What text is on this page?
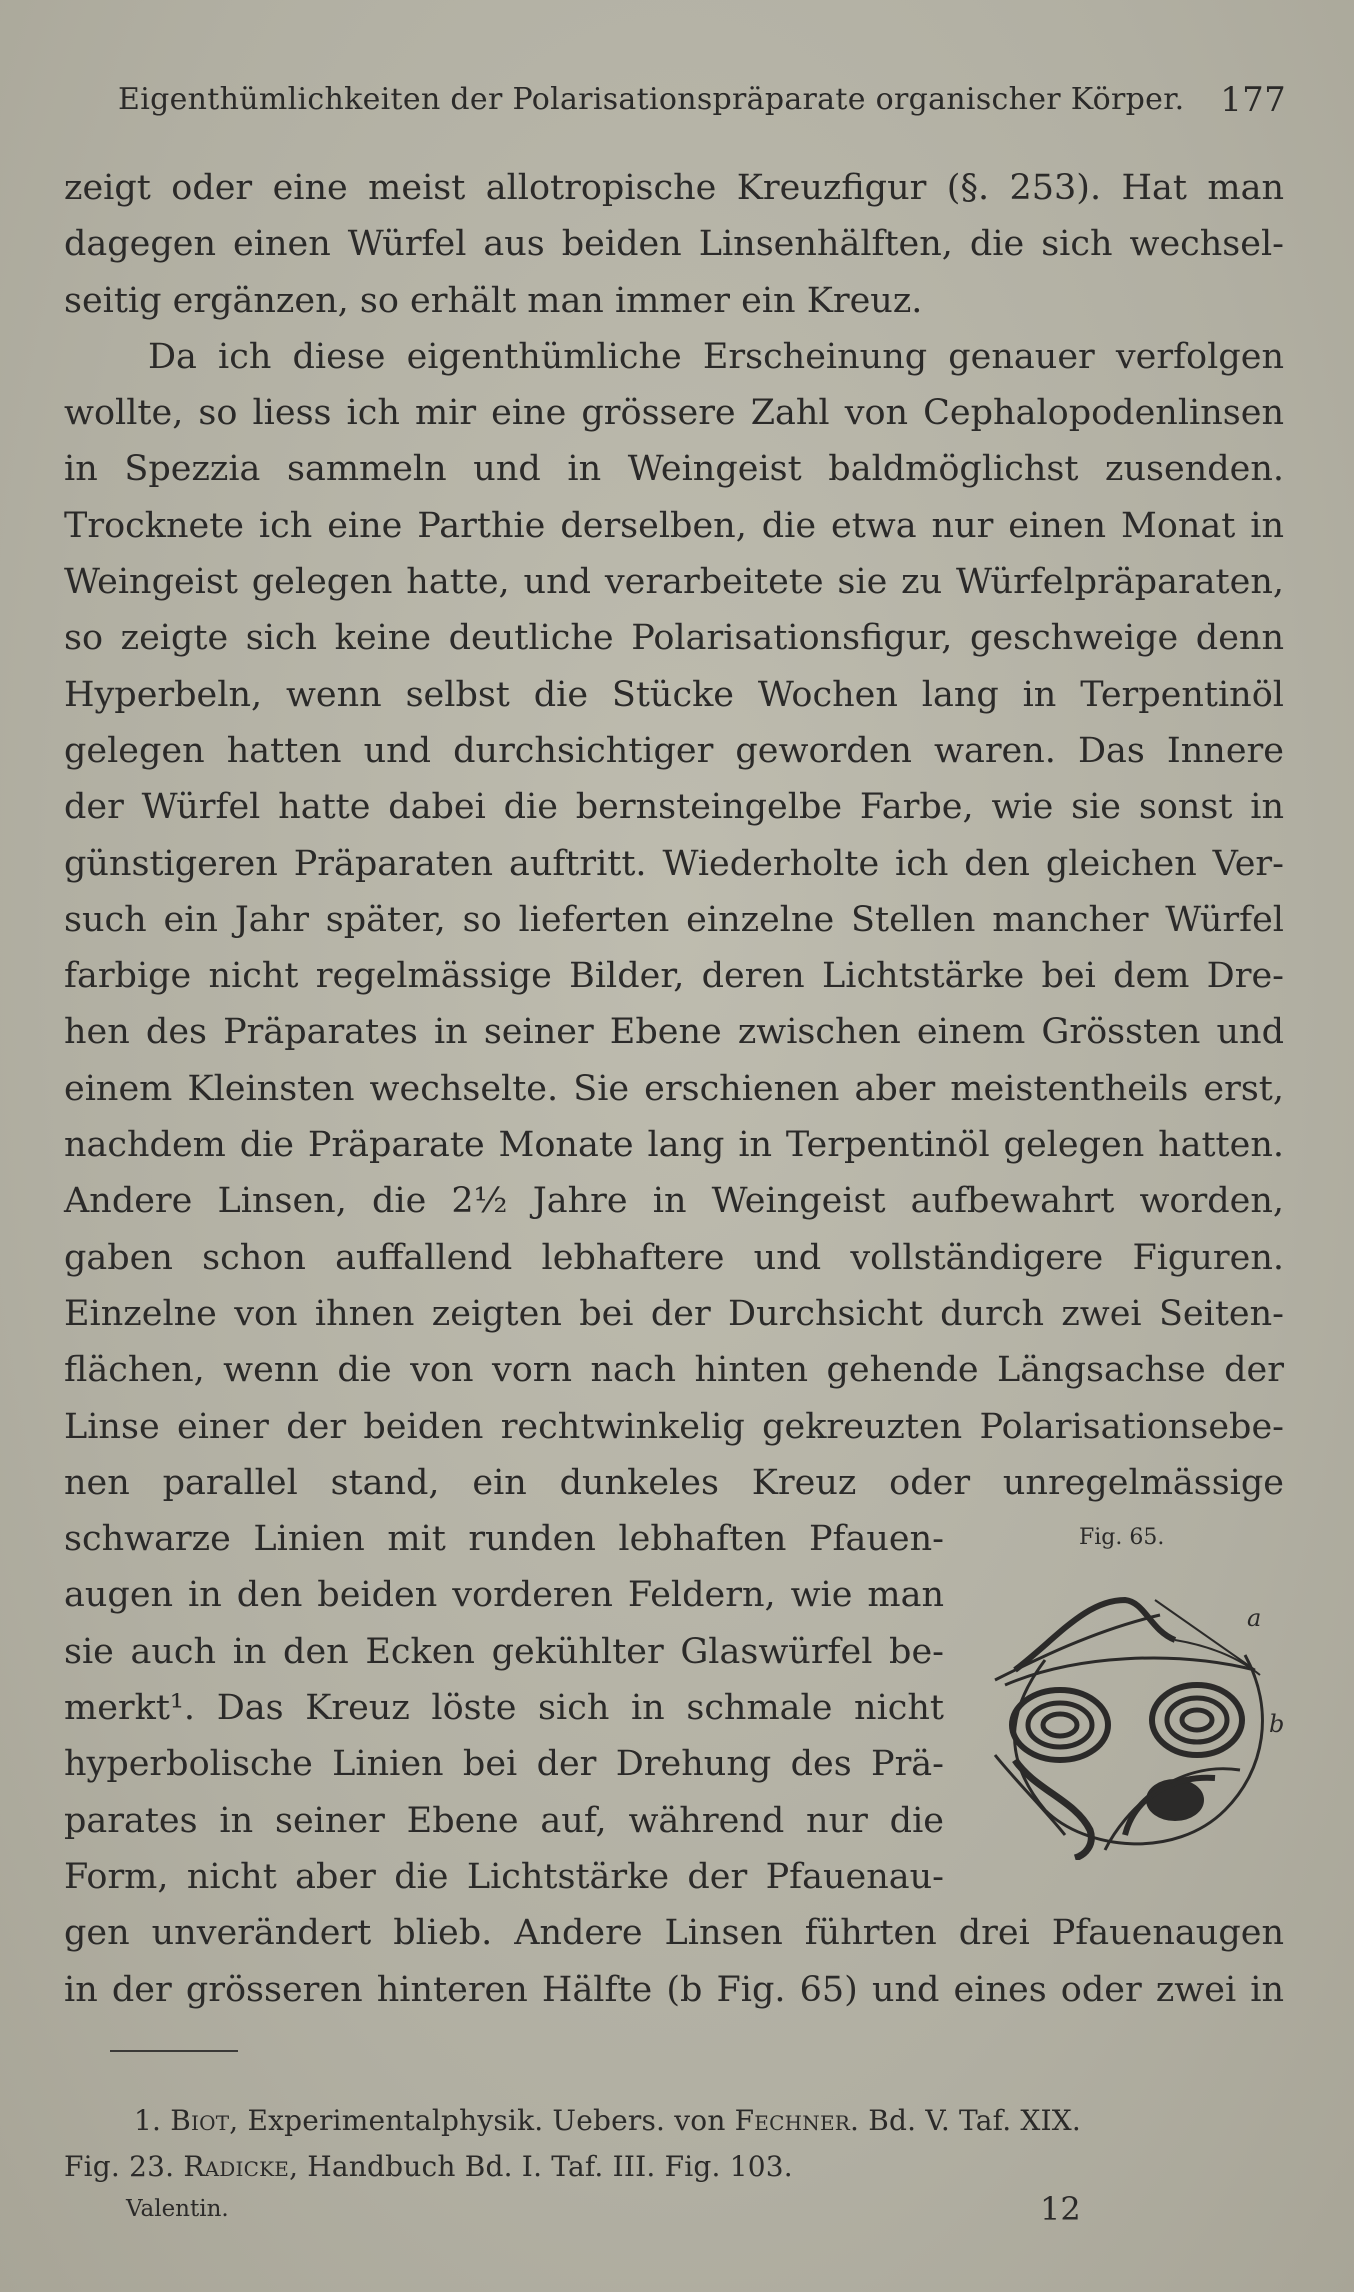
Eigenthümlichkeiten der Polarisationspräparate organischer Körper. 177
zeigt oder eine meist allotropische Kreuzfigur (§. 253). Hat man
dagegen einen Würfel aus beiden Linsenhälften, die sich wechsel-
seitig ergänzen, so erhält man immer ein Kreuz.
Da ich diese eigenthümliche Erscheinung genauer verfolgen
wollte, so liess ich mir eine grössere Zahl von Cephalopodenlinsen
in Spezzia sammeln und in Weingeist baldmöglichst zusenden.
Trocknete ich eine Parthie derselben, die etwa nur einen Monat in
Weingeist gelegen hatte, und verarbeitete sie zu Würfelpräparaten,
so zeigte sich keine deutliche Polarisationsfigur, geschweige denn
Hyperbeln, wenn selbst die Stücke Wochen lang in Terpentinöl
gelegen hatten und durchsichtiger geworden waren. Das Innere
der Würfel hatte dabei die bernsteingelbe Farbe, wie sie sonst in
günstigeren Präparaten auftritt. Wiederholte ich den gleichen Ver-
such ein Jahr später, so lieferten einzelne Stellen mancher Würfel
farbige nicht regelmässige Bilder, deren Lichtstärke bei dem Dre-
hen des Präparates in seiner Ebene zwischen einem Grössten und
einem Kleinsten wechselte. Sie erschienen aber meistentheils erst,
nachdem die Präparate Monate lang in Terpentinöl gelegen hatten.
Andere Linsen, die 2½ Jahre in Weingeist aufbewahrt worden,
gaben schon auffallend lebhaftere und vollständigere Figuren.
Einzelne von ihnen zeigten bei der Durchsicht durch zwei Seiten-
flächen, wenn die von vorn nach hinten gehende Längsachse der
Linse einer der beiden rechtwinkelig gekreuzten Polarisationsebe-
nen parallel stand, ein dunkeles Kreuz oder unregelmässige
schwarze Linien mit runden lebhaften Pfauen-
augen in den beiden vorderen Feldern, wie man
sie auch in den Ecken gekühlter Glaswürfel be-
merkt¹. Das Kreuz löste sich in schmale nicht
hyperbolische Linien bei der Drehung des Prä-
parates in seiner Ebene auf, während nur die
Form, nicht aber die Lichtstärke der Pfauenau-
gen unverändert blieb. Andere Linsen führten drei Pfauenaugen
in der grösseren hinteren Hälfte (b Fig. 65) und eines oder zwei in
Fig. 65.
a
b
1. Biot, Experimentalphysik. Uebers. von Fechner. Bd. V. Taf. XIX.
Fig. 23. Radicke, Handbuch Bd. I. Taf. III. Fig. 103.
Valentin.	12
